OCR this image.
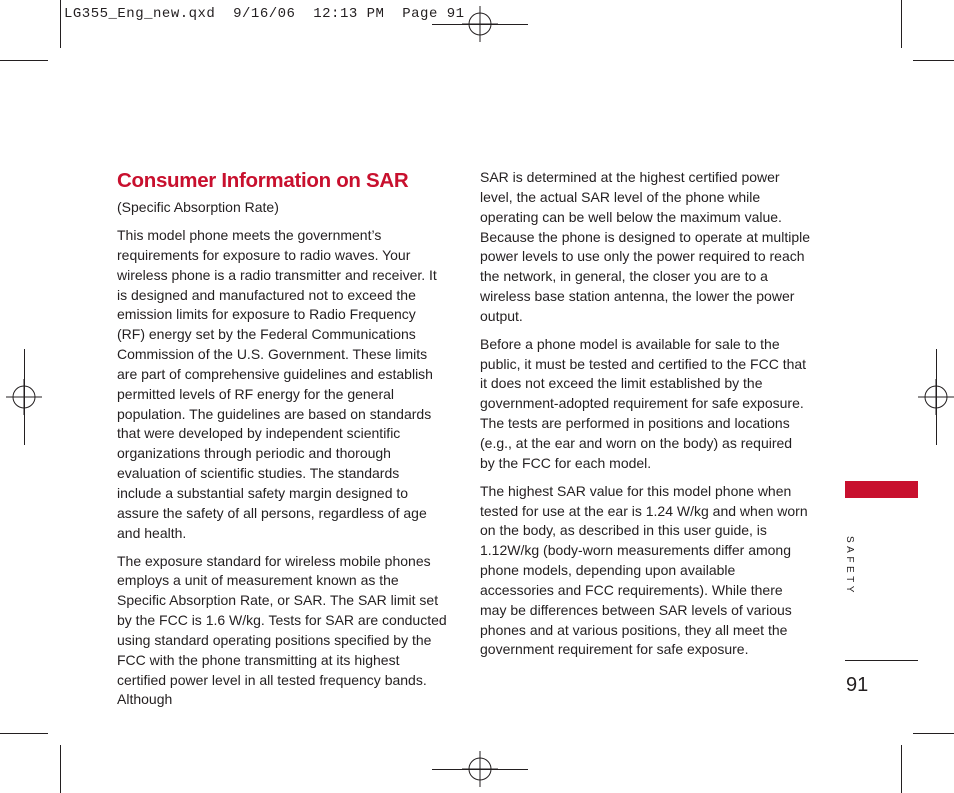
LG355_Eng_new.qxd  9/16/06  12:13 PM  Page 91
Consumer Information on SAR
(Specific Absorption Rate)

This model phone meets the government’s requirements for exposure to radio waves. Your wireless phone is a radio transmitter and receiver. It is designed and manufactured not to exceed the emission limits for exposure to Radio Frequency (RF) energy set by the Federal Communications Commission of the U.S. Government. These limits are part of comprehensive guidelines and establish permitted levels of RF energy for the general population. The guidelines are based on standards that were developed by independent scientific organizations through periodic and thorough evaluation of scientific studies. The standards include a substantial safety margin designed to assure the safety of all persons, regardless of age and health.

The exposure standard for wireless mobile phones employs a unit of measurement known as the Specific Absorption Rate, or SAR. The SAR limit set by the FCC is 1.6 W/kg. Tests for SAR are conducted using standard operating positions specified by the FCC with the phone transmitting at its highest certified power level in all tested frequency bands. Although

SAR is determined at the highest certified power level, the actual SAR level of the phone while operating can be well below the maximum value. Because the phone is designed to operate at multiple power levels to use only the power required to reach the network, in general, the closer you are to a wireless base station antenna, the lower the power output.

Before a phone model is available for sale to the public, it must be tested and certified to the FCC that it does not exceed the limit established by the government-adopted requirement for safe exposure. The tests are performed in positions and locations (e.g., at the ear and worn on the body) as required by the FCC for each model.

The highest SAR value for this model phone when tested for use at the ear is 1.24 W/kg and when worn on the body, as described in this user guide, is 1.12W/kg (body-worn measurements differ among phone models, depending upon available accessories and FCC requirements). While there may be differences between SAR levels of various phones and at various positions, they all meet the government requirement for safe exposure.

SAFETY
91
